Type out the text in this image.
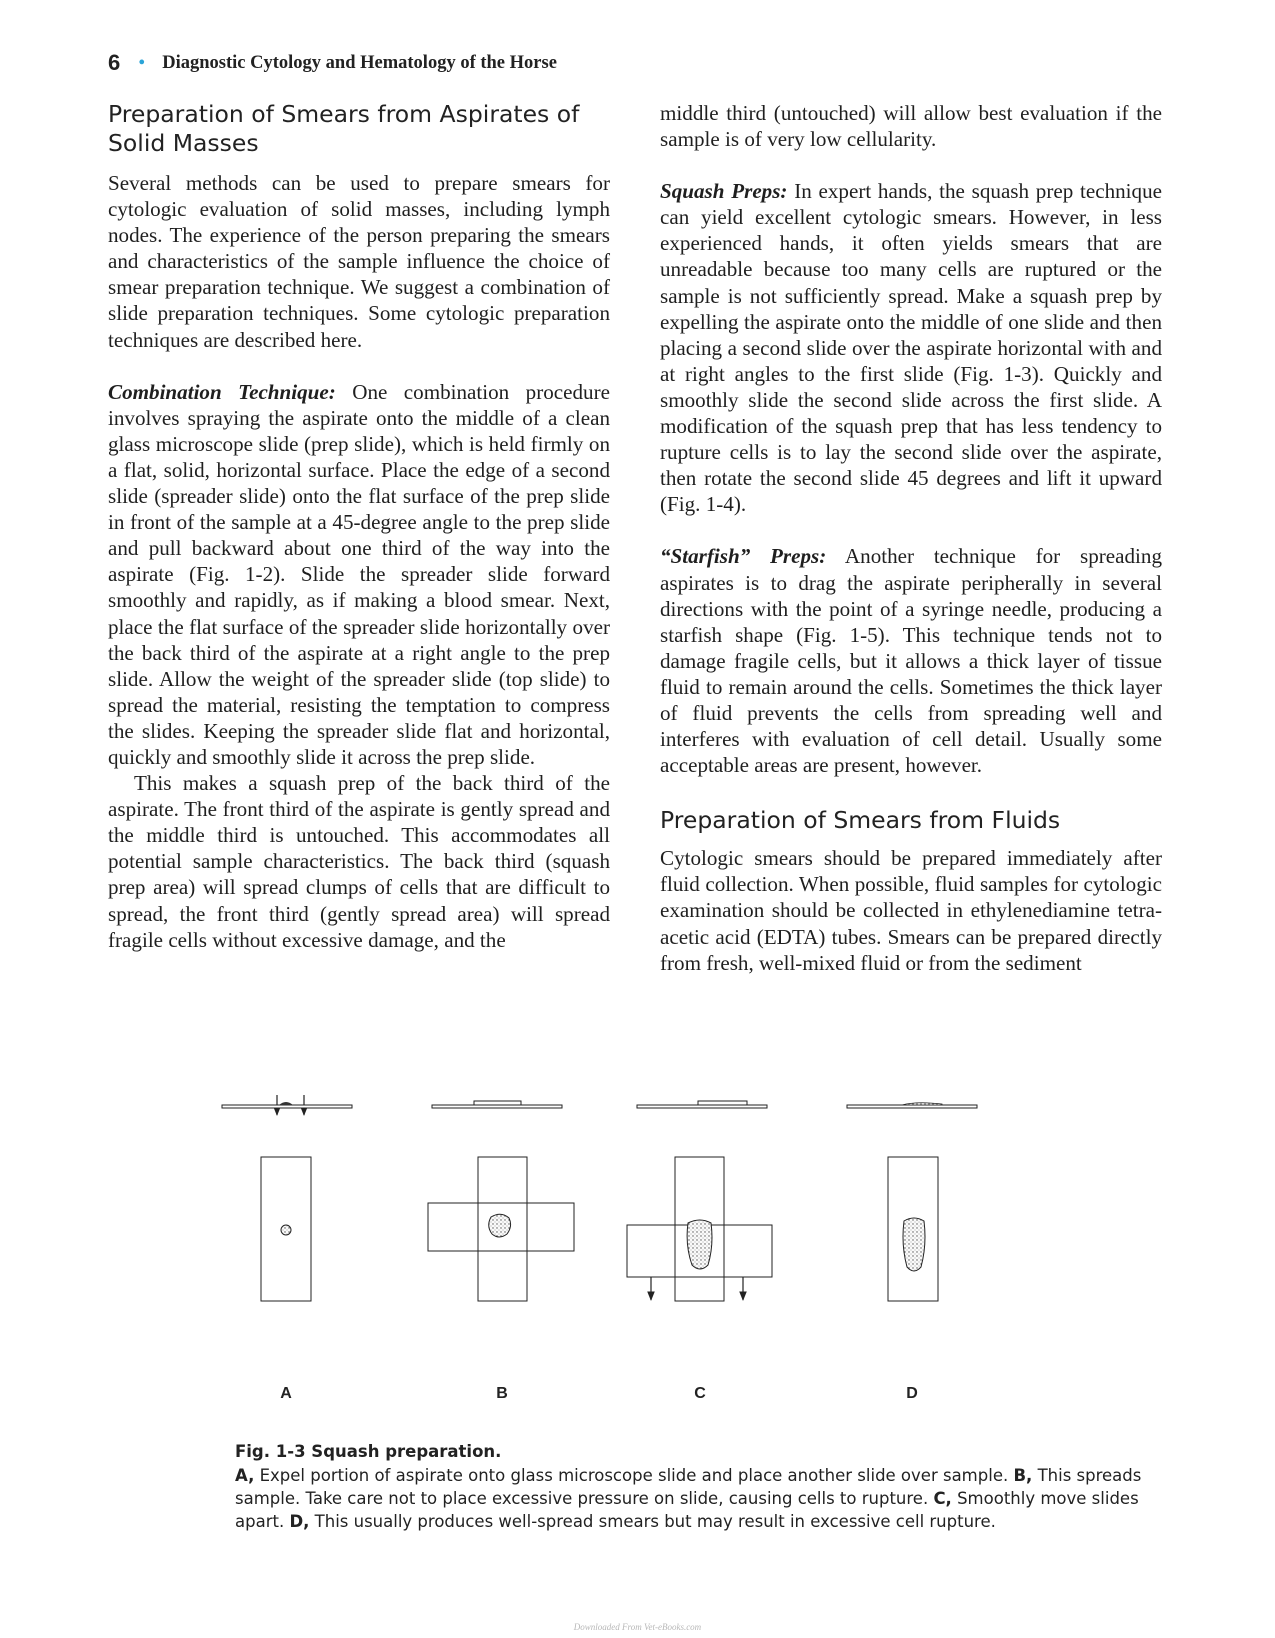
6 • Diagnostic Cytology and Hematology of the Horse
Preparation of Smears from Aspirates of Solid Masses

Several methods can be used to prepare smears for cytologic evaluation of solid masses, including lymph nodes. The experience of the person preparing the smears and characteristics of the sample influence the choice of smear preparation technique. We suggest a combination of slide preparation techniques. Some cytologic preparation techniques are described here.

Combination Technique: One combination procedure involves spraying the aspirate onto the middle of a clean glass microscope slide (prep slide), which is held firmly on a flat, solid, horizontal surface. Place the edge of a second slide (spreader slide) onto the flat surface of the prep slide in front of the sample at a 45-degree angle to the prep slide and pull backward about one third of the way into the aspirate (Fig. 1-2). Slide the spreader slide forward smoothly and rapidly, as if making a blood smear. Next, place the flat surface of the spreader slide horizontally over the back third of the aspirate at a right angle to the prep slide. Allow the weight of the spreader slide (top slide) to spread the material, resisting the temptation to compress the slides. Keeping the spreader slide flat and horizontal, quickly and smoothly slide it across the prep slide.

This makes a squash prep of the back third of the aspirate. The front third of the aspirate is gently spread and the middle third is untouched. This accommodates all potential sample characteristics. The back third (squash prep area) will spread clumps of cells that are difficult to spread, the front third (gently spread area) will spread fragile cells without excessive damage, and the

middle third (untouched) will allow best evaluation if the sample is of very low cellularity.

Squash Preps: In expert hands, the squash prep technique can yield excellent cytologic smears. However, in less experienced hands, it often yields smears that are unreadable because too many cells are ruptured or the sample is not sufficiently spread. Make a squash prep by expelling the aspirate onto the middle of one slide and then placing a second slide over the aspirate horizontal with and at right angles to the first slide (Fig. 1-3). Quickly and smoothly slide the second slide across the first slide. A modification of the squash prep that has less tendency to rupture cells is to lay the second slide over the aspirate, then rotate the second slide 45 degrees and lift it upward (Fig. 1-4).

“Starfish” Preps: Another technique for spreading aspirates is to drag the aspirate peripherally in several directions with the point of a syringe needle, producing a starfish shape (Fig. 1-5). This technique tends not to damage fragile cells, but it allows a thick layer of tissue fluid to remain around the cells. Sometimes the thick layer of fluid prevents the cells from spreading well and interferes with evaluation of cell detail. Usually some acceptable areas are present, however.

Preparation of Smears from Fluids

Cytologic smears should be prepared immediately after fluid collection. When possible, fluid samples for cytologic examination should be collected in ethylenediamine tetra-acetic acid (EDTA) tubes. Smears can be prepared directly from fresh, well-mixed fluid or from the sediment

A	B	C	D
Fig. 1-3 Squash preparation.
A, Expel portion of aspirate onto glass microscope slide and place another slide over sample. B, This spreads sample. Take care not to place excessive pressure on slide, causing cells to rupture. C, Smoothly move slides apart. D, This usually produces well-spread smears but may result in excessive cell rupture.
Downloaded From Vet-eBooks.com
